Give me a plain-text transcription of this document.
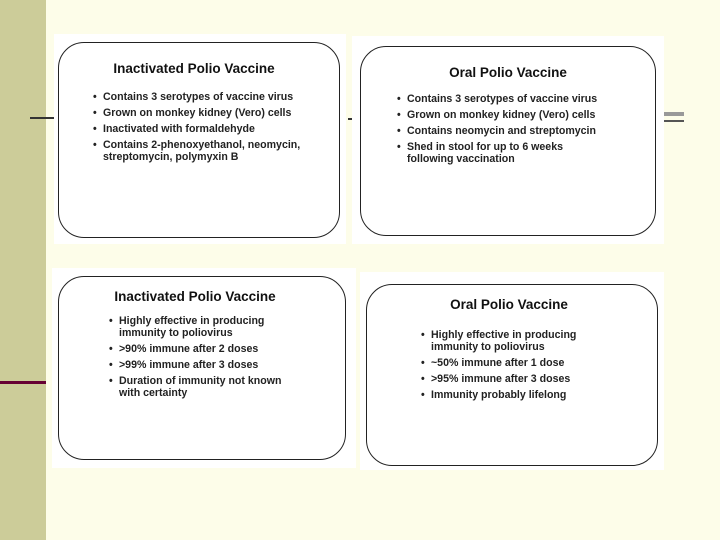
Inactivated Polio Vaccine
• Contains 3 serotypes of vaccine virus
• Grown on monkey kidney (Vero) cells
• Inactivated with formaldehyde
• Contains 2-phenoxyethanol, neomycin, streptomycin, polymyxin B
Oral Polio Vaccine
• Contains 3 serotypes of vaccine virus
• Grown on monkey kidney (Vero) cells
• Contains neomycin and streptomycin
• Shed in stool for up to 6 weeks following vaccination
Inactivated Polio Vaccine
• Highly effective in producing immunity to poliovirus
• >90% immune after 2 doses
• >99% immune after 3 doses
• Duration of immunity not known with certainty
Oral Polio Vaccine
• Highly effective in producing immunity to poliovirus
• ~50% immune after 1 dose
• >95% immune after 3 doses
• Immunity probably lifelong
